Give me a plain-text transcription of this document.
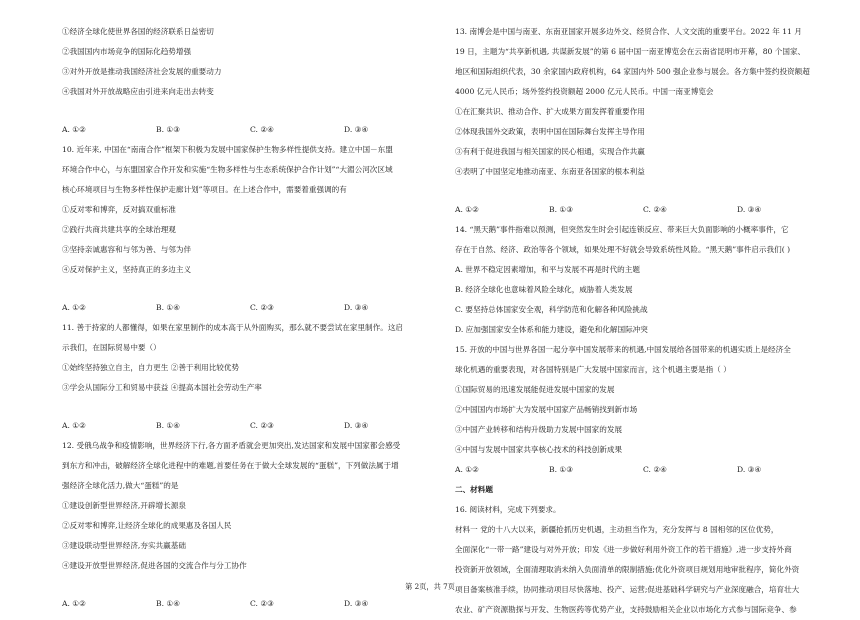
①经济全球化使世界各国的经济联系日益密切
②我国国内市场竞争的国际化趋势增强
③对外开放是推动我国经济社会发展的重要动力
④我国对外开放战略应由引进来向走出去转变
A. ①②	B. ①③	C. ②④	D. ③④
10. 近年来, 中国在“南南合作”框架下积极为发展中国家保护生物多样性提供支持。建立中国－东盟
环境合作中心，与东盟国家合作开发和实施“生物多样性与生态系统保护合作计划”“大湄公河次区域
核心环境项目与生物多样性保护走廊计划”等项目。在上述合作中，需要着重强调的有
①反对零和博弈，反对搞双重标准
②践行共商共建共享的全球治理观
③坚持亲诚惠容和与邻为善、与邻为伴
④反对保护主义，坚持真正的多边主义
A. ①②	B. ①④	C. ②③	D. ③④
11. 善于持家的人都懂得，如果在家里制作的成本高于从外面购买，那么就不要尝试在家里制作。这启
示我们，在国际贸易中要（）
①始终坚持独立自主，自力更生 ②善于利用比较优势
③学会从国际分工和贸易中获益 ④提高本国社会劳动生产率
A. ①②	B. ①④	C. ②③	D. ③④
12. 受俄乌战争和疫情影响，世界经济下行,各方面矛盾就会更加突出,发达国家和发展中国家都会感受
到东方和冲击，破解经济全球化进程中的难题,首要任务在于做大全球发展的“蛋糕”，下列做法属于增
强经济全球化活力,做大“蛋糕”的是
①建设创新型世界经济,开辟增长源泉
②反对零和博弈,让经济全球化的成果惠及各国人民
③建设联动型世界经济,夯实共赢基础
④建设开放型世界经济,促进各国的交流合作与分工协作
A. ①②	B. ①④	C. ②③	D. ③④
13. 南博会是中国与南亚、东南亚国家开展多边外交、经贸合作、人文交流的重要平台。2022 年 11 月
19 日，主题为“共享新机遇, 共谋新发展”的第 6 届中国一南亚博览会在云南省昆明市开幕，80 个国家、
地区和国际组织代表，30 余家国内政府机构，64 家国内外 500 强企业参与展会。各方集中签约投资额超
4000 亿元人民币；场外签约投资额超 2000 亿元人民币。中国一南亚博览会
①在汇聚共识、推动合作、扩大成果方面发挥着重要作用
②体现我国外交政策，表明中国在国际舞台发挥主导作用
③有利于促进我国与相关国家的民心相通，实现合作共赢
④表明了中国坚定地推动南亚、东南亚各国家的根本利益
A. ①②	B. ①③	C. ②④	D. ③④
14. “黑天鹅”事件指难以预测，但突然发生时会引起连锁反应、带来巨大负面影响的小概率事件，它
存在于自然、经济、政治等各个领域，如果处理不好就会导致系统性风险。“黑天鹅”事件启示我们( )
A. 世界不稳定因素增加，和平与发展不再是时代的主题
B. 经济全球化也意味着风险全球化，威胁着人类发展
C. 要坚持总体国家安全观，科学防范和化解各种风险挑战
D. 应加强国家安全体系和能力建设，避免和化解国际冲突
15. 开放的中国与世界各国一起分享中国发展带来的机遇,中国发展给各国带来的机遇实质上是经济全
球化机遇的重要表现，对各国特别是广大发展中国家而言，这个机遇主要是指（ ）
①国际贸易的迅速发展能促进发展中国家的发展
②中国国内市场扩大为发展中国家产品畅销找到新市场
③中国产业转移和结构升级助力发展中国家的发展
④中国与发展中国家共享核心技术的科技创新成果
A. ①②	B. ①③	C. ②④	D. ③④
二、材料题
16. 阅读材料，完成下列要求。
材料一 党的十八大以来，新疆抢抓历史机遇，主动担当作为，充分发挥与 8 国相邻的区位优势，
全面深化“一带一路”建设与对外开放；印发《进一步做好利用外资工作的若干措施》,进一步支持外商
投资新开放领域，全面清理取消未纳入负面清单的限制措施;优化外资项目规划用地审批程序，简化外资
项目备案核准手续，协同推动项目尽快落地、投产、运营;促进基础科学研究与产业深度融合，培育壮大
农业、矿产资源勘探与开发、生物医药等优势产业，支持鼓励相关企业以市场化方式参与国际竞争、参
第 2页，共 7页
